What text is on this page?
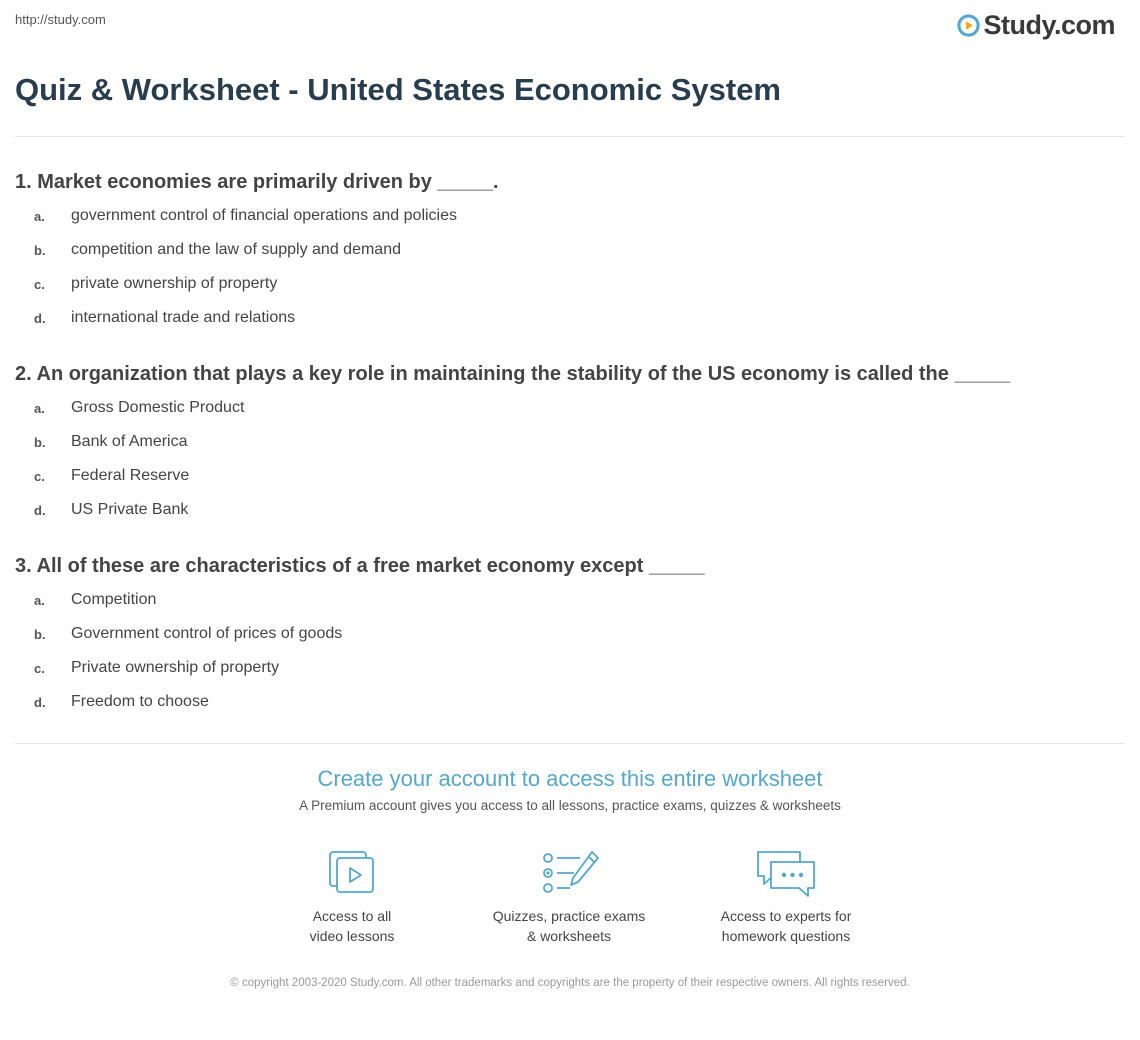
http://study.com	Study.com
Quiz & Worksheet - United States Economic System

1. Market economies are primarily driven by _____.

a.	government control of financial operations and policies
b.	competition and the law of supply and demand
c.	private ownership of property
d.	international trade and relations

2. An organization that plays a key role in maintaining the stability of the US economy is called the _____

a.	Gross Domestic Product
b.	Bank of America
c.	Federal Reserve
d.	US Private Bank

3. All of these are characteristics of a free market economy except _____

a.	Competition
b.	Government control of prices of goods
c.	Private ownership of property
d.	Freedom to choose

Create your account to access this entire worksheet

A Premium account gives you access to all lessons, practice exams, quizzes & worksheets

Access to all
video lessons
Quizzes, practice exams
& worksheets
Access to experts for
homework questions
© copyright 2003-2020 Study.com. All other trademarks and copyrights are the property of their respective owners. All rights reserved.
